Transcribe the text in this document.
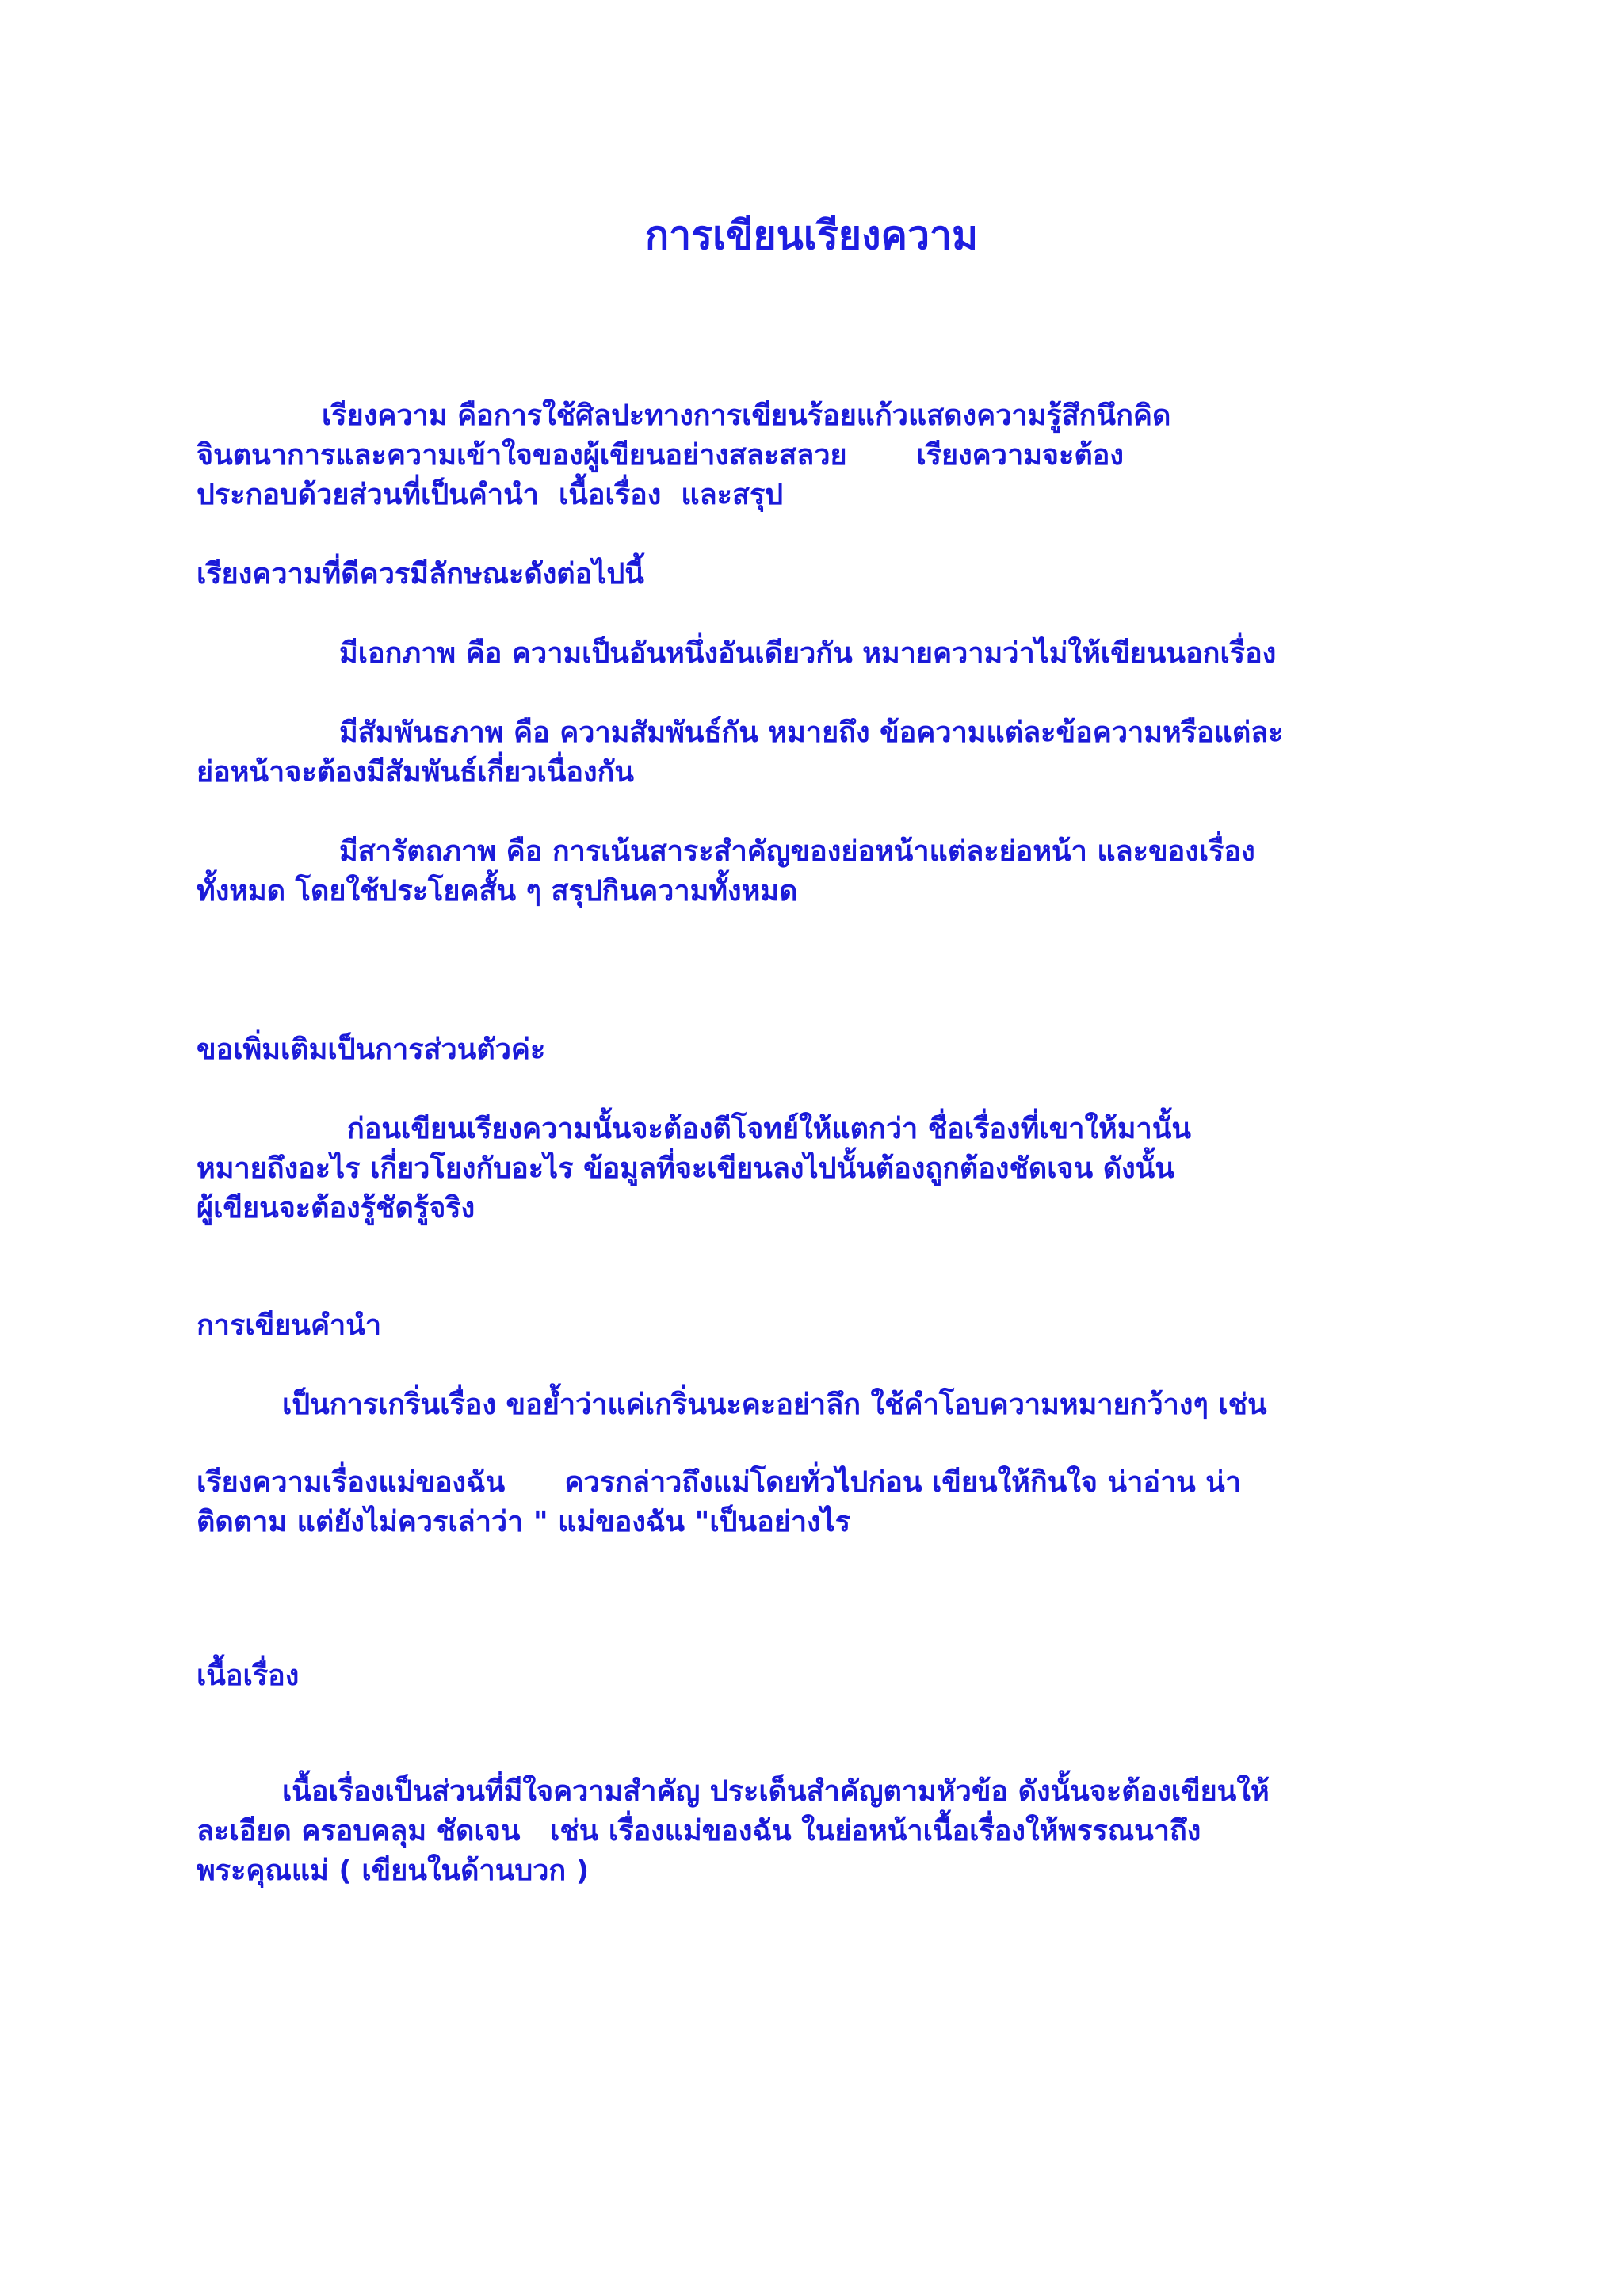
การเขียนเรียงความ

เรียงความ คือการใช้ศิลปะทางการเขียนร้อยแก้วแสดงความรู้สึกนึกคิด
จินตนาการและความเข้าใจของผู้เขียนอย่างสละสลวย       เรียงความจะต้อง
ประกอบด้วยส่วนที่เป็นคำนำ  เนื้อเรื่อง  และสรุป

เรียงความที่ดีควรมีลักษณะดังต่อไปนี้

มีเอกภาพ คือ ความเป็นอันหนึ่งอันเดียวกัน หมายความว่าไม่ให้เขียนนอกเรื่อง

มีสัมพันธภาพ คือ ความสัมพันธ์กัน หมายถึง ข้อความแต่ละข้อความหรือแต่ละ
ย่อหน้าจะต้องมีสัมพันธ์เกี่ยวเนื่องกัน

มีสารัตถภาพ คือ การเน้นสาระสำคัญของย่อหน้าแต่ละย่อหน้า และของเรื่อง
ทั้งหมด โดยใช้ประโยคสั้น ๆ สรุปกินความทั้งหมด

ขอเพิ่มเติมเป็นการส่วนตัวค่ะ

ก่อนเขียนเรียงความนั้นจะต้องตีโจทย์ให้แตกว่า ชื่อเรื่องที่เขาให้มานั้น
หมายถึงอะไร เกี่ยวโยงกับอะไร ข้อมูลที่จะเขียนลงไปนั้นต้องถูกต้องชัดเจน ดังนั้น
ผู้เขียนจะต้องรู้ชัดรู้จริง

การเขียนคำนำ

เป็นการเกริ่นเรื่อง ขอย้ำว่าแค่เกริ่นนะคะอย่าลึก ใช้คำโอบความหมายกว้างๆ เช่น

เรียงความเรื่องแม่ของฉัน      ควรกล่าวถึงแม่โดยทั่วไปก่อน เขียนให้กินใจ น่าอ่าน น่า
ติดตาม แต่ยังไม่ควรเล่าว่า " แม่ของฉัน "เป็นอย่างไร

เนื้อเรื่อง

เนื้อเรื่องเป็นส่วนที่มีใจความสำคัญ ประเด็นสำคัญตามหัวข้อ ดังนั้นจะต้องเขียนให้
ละเอียด ครอบคลุม ชัดเจน   เช่น เรื่องแม่ของฉัน ในย่อหน้าเนื้อเรื่องให้พรรณนาถึง
พระคุณแม่ ( เขียนในด้านบวก )
